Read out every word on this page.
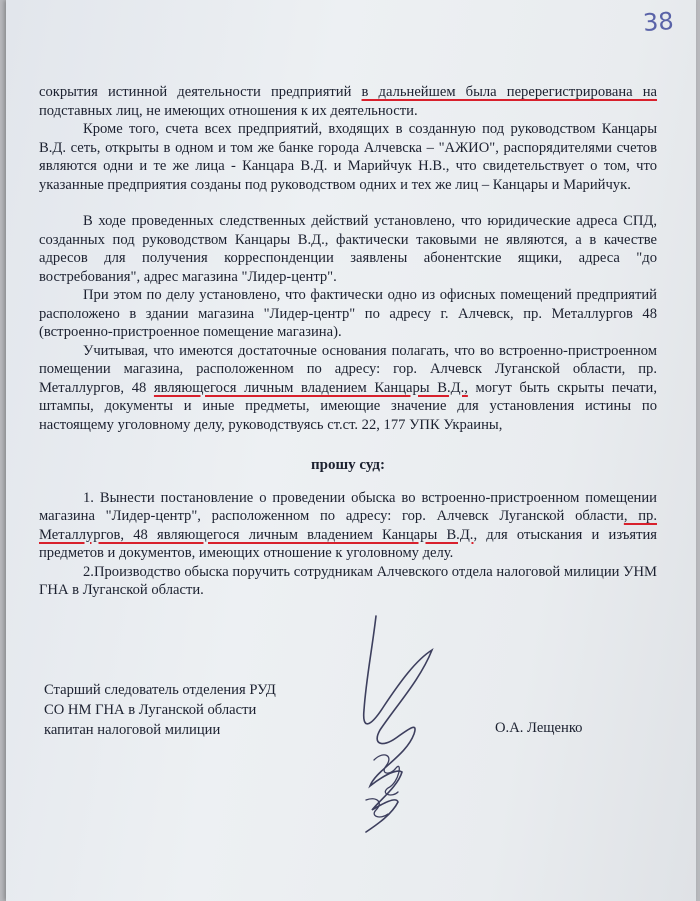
38

сокрытия истинной деятельности предприятий в дальнейшем была перерегистрирована на подставных лиц, не имеющих отношения к их деятельности.

Кроме того, счета всех предприятий, входящих в созданную под руководством Канцары В.Д. сеть, открыты в одном и том же банке города Алчевска – "АЖИО", распорядителями счетов являются одни и те же лица - Канцара В.Д. и Марийчук Н.В., что свидетельствует о том, что указанные предприятия созданы под руководством одних и тех же лиц – Канцары и Марийчук.

В ходе проведенных следственных действий установлено, что юридические адреса СПД, созданных под руководством Канцары В.Д., фактически таковыми не являются, а в качестве адресов для получения корреспонденции заявлены абонентские ящики, адреса "до востребования", адрес магазина "Лидер-центр".

При этом по делу установлено, что фактически одно из офисных помещений предприятий расположено в здании магазина "Лидер-центр" по адресу г. Алчевск, пр. Металлургов 48 (встроенно-пристроенное помещение магазина).

Учитывая, что имеются достаточные основания полагать, что во встроенно-пристроенном помещении магазина, расположенном по адресу: гор. Алчевск Луганской области, пр. Металлургов, 48 являющегося личным владением Канцары В.Д., могут быть скрыты печати, штампы, документы и иные предметы, имеющие значение для установления истины по настоящему уголовному делу, руководствуясь ст.ст. 22, 177 УПК Украины,

прошу суд:

1. Вынести постановление о проведении обыска во встроенно-пристроенном помещении магазина "Лидер-центр", расположенном по адресу: гор. Алчевск Луганской области, пр. Металлургов, 48 являющегося личным владением Канцары В.Д., для отыскания и изъятия предметов и документов, имеющих отношение к уголовному делу.

2.Производство обыска поручить сотрудникам Алчевского отдела налоговой милиции УНМ ГНА в Луганской области.

Старший следователь отделения РУД
СО НМ ГНА в Луганской области
капитан налоговой милиции	О.А. Лещенко
